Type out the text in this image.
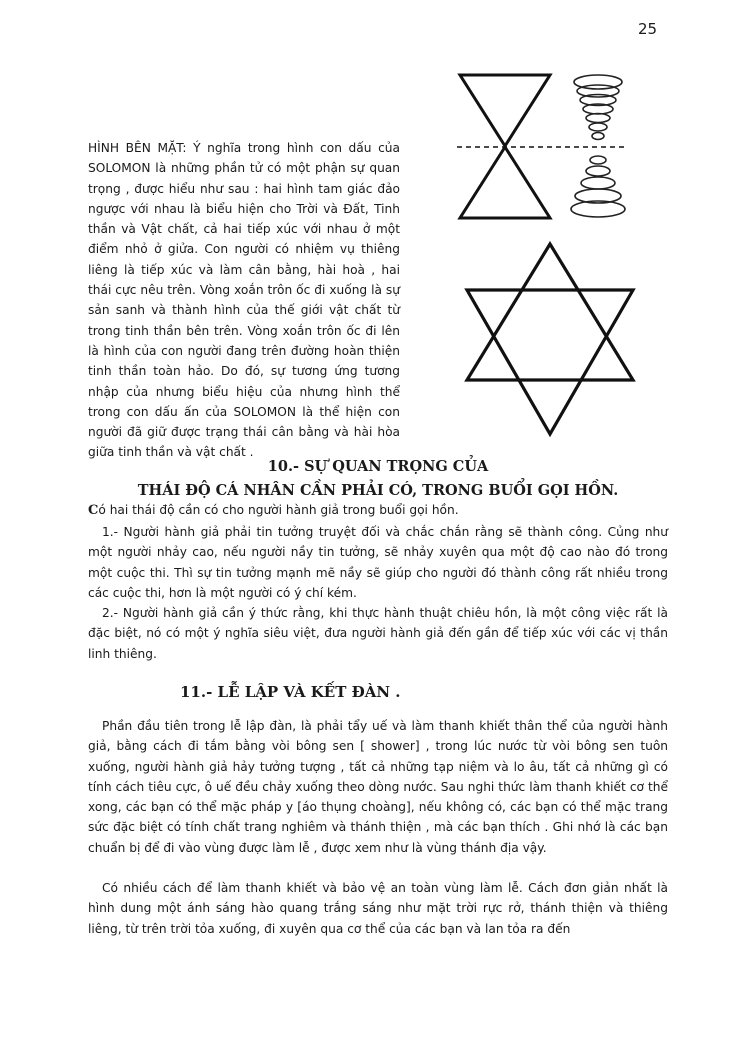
25

HÌNH BÊN MẶT: Ý nghĩa trong hình con dấu của SOLOMON là những phần tử có một phận sự quan trọng , được hiểu như sau : hai hình tam giác đảo ngược với nhau là biểu hiện cho Trời và Đất, Tinh thần và Vật chất, cả hai tiếp xúc với nhau ở một điểm nhỏ ở giửa. Con người có nhiệm vụ thiêng liêng là tiếp xúc và làm cân bằng, hài hoà , hai thái cực nêu trên. Vòng xoắn trôn ốc đi xuống là sự sản sanh và thành hình của thế giới vật chất từ trong tinh thần bên trên. Vòng xoắn trôn ốc đi lên là hình của con người đang trên đường hoàn thiện tinh thần toàn hảo. Do đó, sự tương ứng tương nhập của nhưng biểu hiệu của nhưng hình thể trong con dấu ấn của SOLOMON là thể hiện con người đã giữ được trạng thái cân bằng và hài hòa giữa tinh thần và vật chất .

10.- SỰ QUAN TRỌNG CỦA
THÁI ĐỘ CÁ NHÂN CẦN PHẢI CÓ, TRONG BUỔI GỌI HỒN.

Có hai thái độ cần có cho người hành giả trong buổi gọi hồn.

1.- Người hành giả phải tin tưởng truyệt đối và chắc chắn rằng sẽ thành công. Củng như một người nhảy cao, nếu người nầy tin tưởng, sẽ nhảy xuyên qua một độ cao nào đó trong một cuộc thi. Thì sự tin tưởng mạnh mẽ nầy sẽ giúp cho người đó thành công rất nhiều trong các cuộc thi, hơn là một người có ý chí kém.

2.- Người hành giả cần ý thức rằng, khi thực hành thuật chiêu hồn, là một công việc rất là đặc biệt, nó có một ý nghĩa siêu việt, đưa người hành giả đến gần để tiếp xúc với các vị thần linh thiêng.

11.- LỄ LẬP VÀ KẾT ĐÀN .

Phần đầu tiên trong lễ lập đàn, là phải tẩy uế và làm thanh khiết thân thể của người hành giả, bằng cách đi tắm bằng vòi bông sen [ shower] , trong lúc nước từ vòi bông sen tuôn xuống, người hành giả hảy tưởng tượng , tất cả những tạp niệm và lo âu, tất cả những gì có tính cách tiêu cực, ô uế đều chảy xuống theo dòng nước. Sau nghi thức làm thanh khiết cơ thể xong, các bạn có thể mặc pháp y [áo thụng choàng], nếu không có, các bạn có thể mặc trang sức đặc biệt có tính chất trang nghiêm và thánh thiện , mà các bạn thích . Ghi nhớ là các bạn chuẩn bị để đi vào vùng được làm lễ , được xem như là vùng thánh địa vậy.

Có nhiều cách để làm thanh khiết và bảo vệ an toàn vùng làm lễ. Cách đơn giản nhất là hình dung một ánh sáng hào quang trắng sáng như mặt trời rực rở, thánh thiện và thiêng liêng, từ trên trời tỏa xuống, đi xuyên qua cơ thể của các bạn và lan tỏa ra đến
